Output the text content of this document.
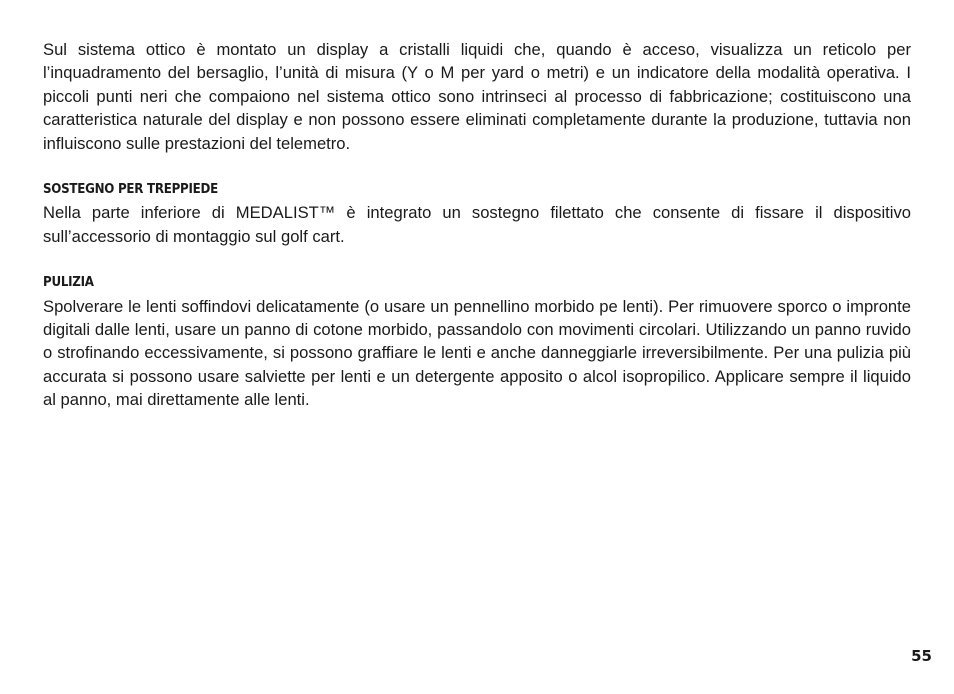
Sul sistema ottico è montato un display a cristalli liquidi che, quando è acceso, visualizza un reticolo per l’inquadramento del bersaglio, l’unità di misura (Y o M per yard o metri) e un indicatore della modalità operativa. I piccoli punti neri che compaiono nel sistema ottico sono intrinseci al processo di fabbricazione; costituiscono una caratteristica naturale del display e non possono essere eliminati completamente durante la produzione, tuttavia non influiscono sulle prestazioni del telemetro.

SOSTEGNO PER TREPPIEDE

Nella parte inferiore di MEDALIST™ è integrato un sostegno filettato che consente di fissare il dispositivo sull’accessorio di montaggio sul golf cart.

PULIZIA

Spolverare le lenti soffindovi delicatamente (o usare un pennellino morbido pe lenti). Per rimuovere sporco o impronte digitali dalle lenti, usare un panno di cotone morbido, passandolo con movimenti circolari. Utilizzando un panno ruvido o strofinando eccessivamente, si possono graffiare le lenti e anche danneggiarle irreversibilmente. Per una pulizia più accurata si possono usare salviette per lenti e un detergente apposito o alcol isopropilico. Applicare sempre il liquido al panno, mai direttamente alle lenti.

55
